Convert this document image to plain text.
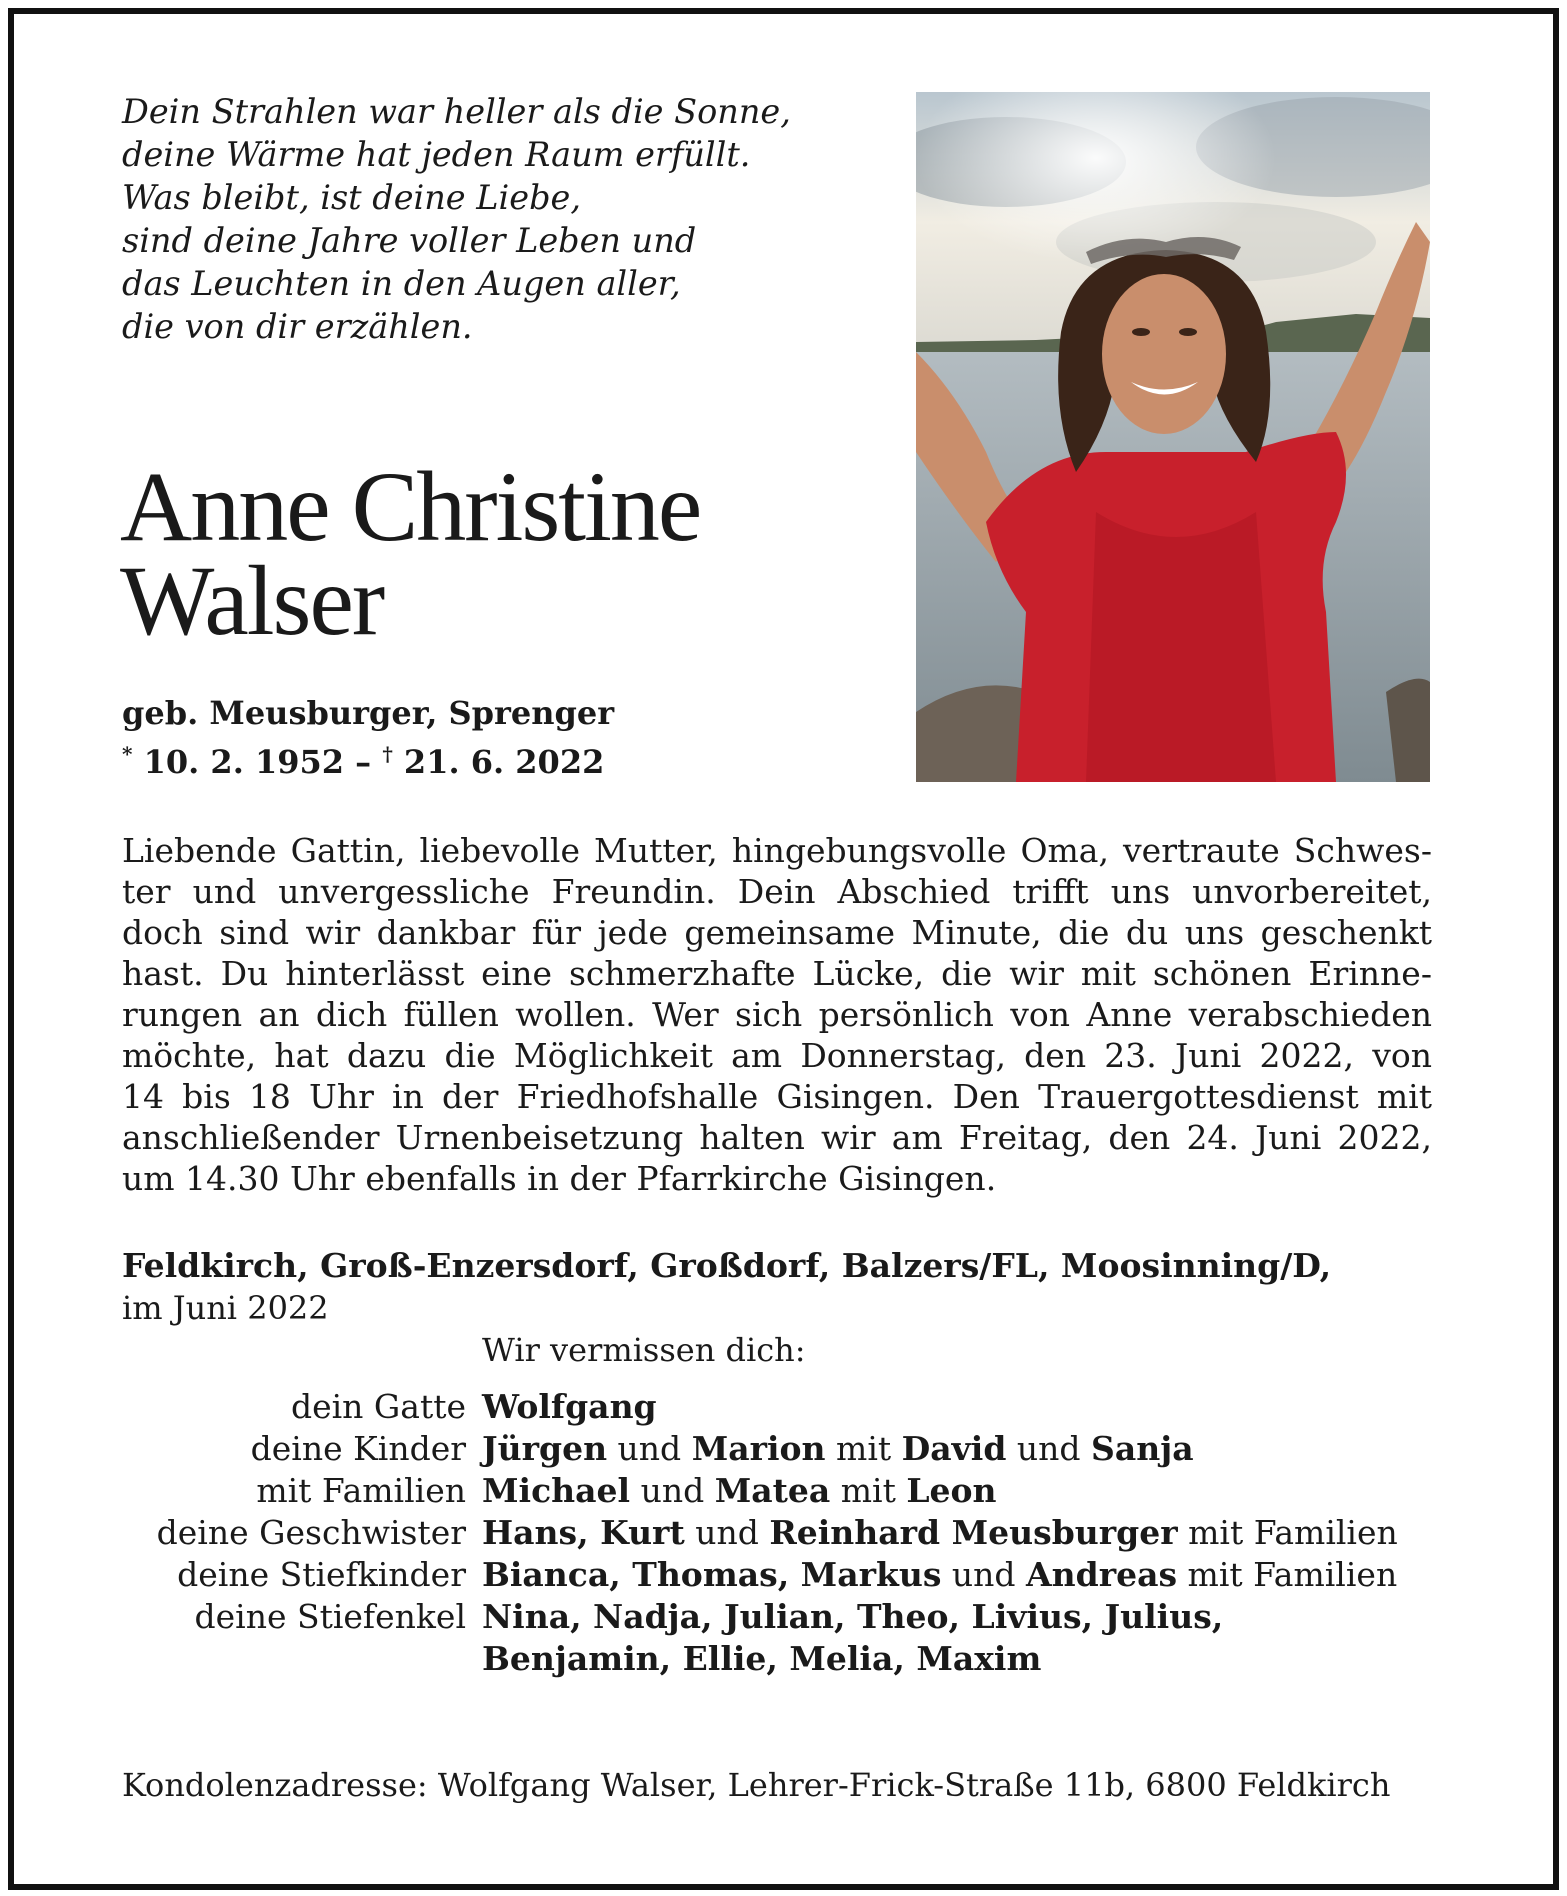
Dein Strahlen war heller als die Sonne,
deine Wärme hat jeden Raum erfüllt.
Was bleibt, ist deine Liebe,
sind deine Jahre voller Leben und
das Leuchten in den Augen aller,
die von dir erzählen.
Anne Christine
Walser
geb. Meusburger, Sprenger
* 10. 2. 1952 – † 21. 6. 2022
Liebende Gattin, liebevolle Mutter, hingebungsvolle Oma, vertraute Schwes-
ter und unvergessliche Freundin. Dein Abschied trifft uns unvorbereitet,
doch sind wir dankbar für jede gemeinsame Minute, die du uns geschenkt
hast. Du hinterlässt eine schmerzhafte Lücke, die wir mit schönen Erinne-
rungen an dich füllen wollen. Wer sich persönlich von Anne verabschieden
möchte, hat dazu die Möglichkeit am Donnerstag, den 23. Juni 2022, von
14 bis 18 Uhr in der Friedhofshalle Gisingen. Den Trauergottesdienst mit
anschließender Urnenbeisetzung halten wir am Freitag, den 24. Juni 2022,
um 14.30 Uhr ebenfalls in der Pfarrkirche Gisingen.
Feldkirch, Groß-Enzersdorf, Großdorf, Balzers/FL, Moosinning/D,
im Juni 2022
Wir vermissen dich:
dein Gatte Wolfgang
deine Kinder Jürgen und Marion mit David und Sanja
mit Familien Michael und Matea mit Leon
deine Geschwister Hans, Kurt und Reinhard Meusburger mit Familien
deine Stiefkinder Bianca, Thomas, Markus und Andreas mit Familien
deine Stiefenkel Nina, Nadja, Julian, Theo, Livius, Julius,
Benjamin, Ellie, Melia, Maxim
Kondolenzadresse: Wolfgang Walser, Lehrer-Frick-Straße 11b, 6800 Feldkirch
